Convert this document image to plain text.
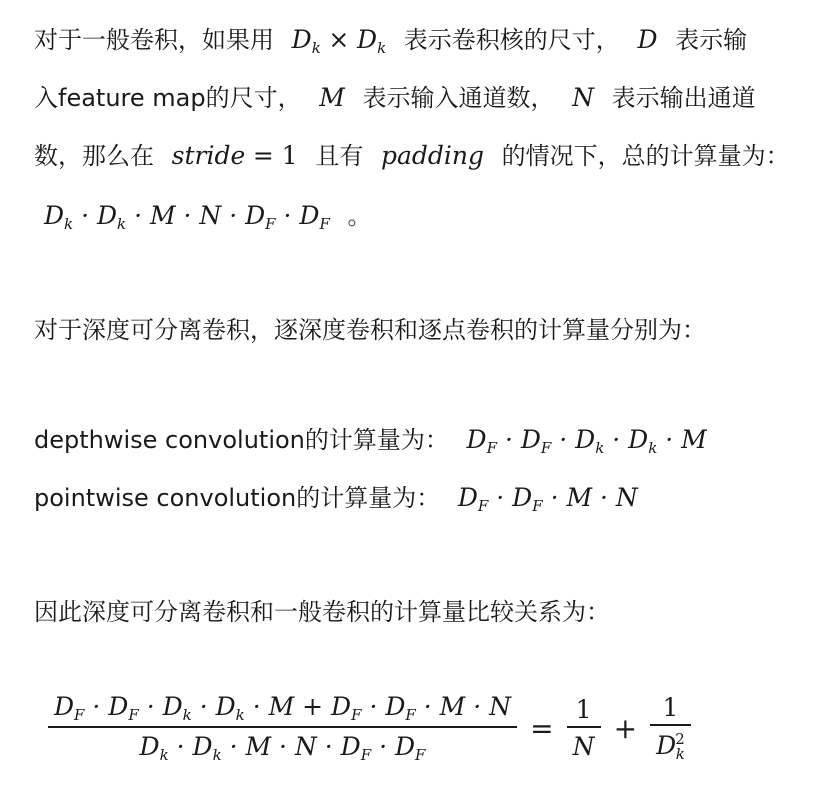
对于一般卷积，如果用 $D_k \times D_k$ 表示卷积核的尺寸， D 表示输
入feature map的尺寸， M 表示输入通道数， N 表示输出通道
数，那么在 stride = 1 且有 padding 的情况下，总的计算量为：
$D_k \cdot D_k \cdot M \cdot N \cdot D_F \cdot D_F$ 。
对于深度可分离卷积，逐深度卷积和逐点卷积的计算量分别为：
depthwise convolution的计算量为： $D_F \cdot D_F \cdot D_k \cdot D_k \cdot M$
pointwise convolution的计算量为： $D_F \cdot D_F \cdot M \cdot N$
因此深度可分离卷积和一般卷积的计算量比较关系为：
$\frac{D_F \cdot D_F \cdot D_k \cdot D_k \cdot M + D_F \cdot D_F \cdot M \cdot N}{D_k \cdot D_k \cdot M \cdot N \cdot D_F \cdot D_F} = \frac{1}{N} + \frac{1}{D^2_k}$
